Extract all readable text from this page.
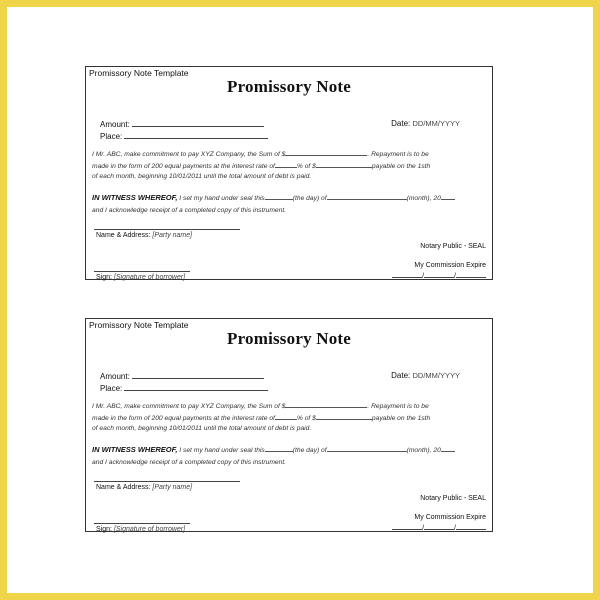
Promissory Note Template
Promissory Note
Amount:
Place:
Date: DD/MM/YYYY
I Mr. ABC, make commitment to pay XYZ Company, the Sum of $	. Repayment is to be
made in the form of 200 equal payments at the interest rate of	% of $	payable on the 1sth
of each month, beginning 10/01/2011 until the total amount of debt is paid.
IN WITNESS WHEREOF, I set my hand under seal this	(the day) of	(month), 20
and I acknowledge receipt of a completed copy of this instrument.
Name & Address: [Party name]
Notary Public - SEAL
Sign: [Signature of borrower]
My Commission Expire
/	/
Promissory Note Template
Promissory Note
Amount:
Place:
Date: DD/MM/YYYY
I Mr. ABC, make commitment to pay XYZ Company, the Sum of $	. Repayment is to be
made in the form of 200 equal payments at the interest rate of	% of $	payable on the 1sth
of each month, beginning 10/01/2011 until the total amount of debt is paid.
IN WITNESS WHEREOF, I set my hand under seal this	(the day) of	(month), 20
and I acknowledge receipt of a completed copy of this instrument.
Name & Address: [Party name]
Notary Public - SEAL
Sign: [Signature of borrower]
My Commission Expire
/	/
